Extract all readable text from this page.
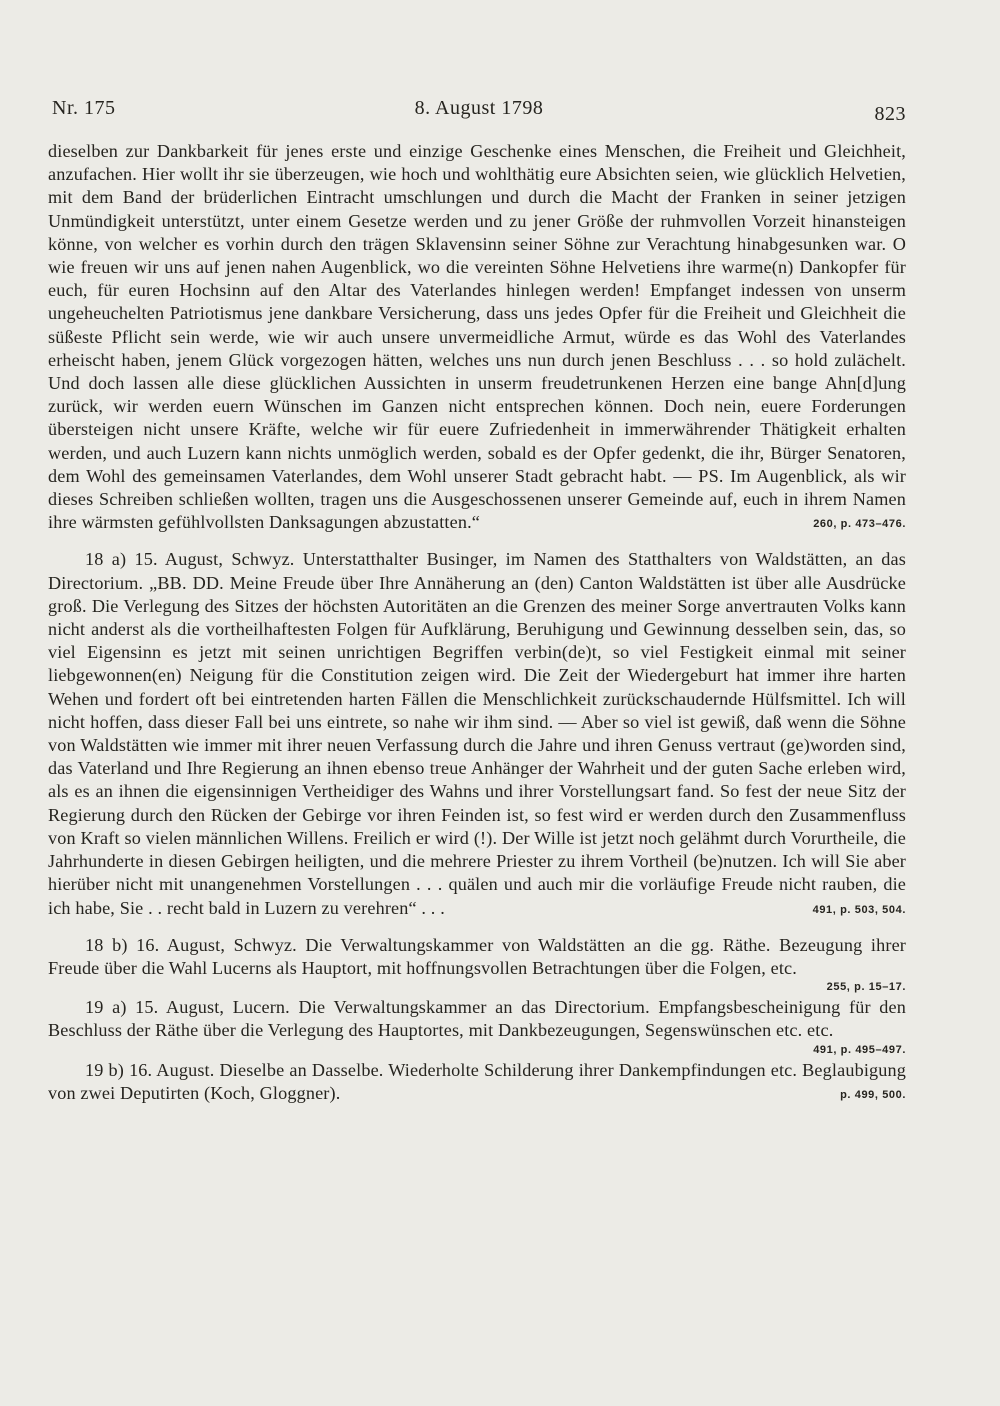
Nr. 175	8. August 1798	823

dieselben zur Dankbarkeit für jenes erste und einzige Geschenke eines Menschen, die Freiheit und Gleichheit, anzufachen. Hier wollt ihr sie überzeugen, wie hoch und wohlthätig eure Absichten seien, wie glücklich Helvetien, mit dem Band der brüderlichen Eintracht umschlungen und durch die Macht der Franken in seiner jetzigen Unmündigkeit unterstützt, unter einem Gesetze werden und zu jener Größe der ruhmvollen Vorzeit hinansteigen könne, von welcher es vorhin durch den trägen Sklavensinn seiner Söhne zur Verachtung hinabgesunken war. O wie freuen wir uns auf jenen nahen Augenblick, wo die vereinten Söhne Helvetiens ihre warme(n) Dankopfer für euch, für euren Hochsinn auf den Altar des Vaterlandes hinlegen werden! Empfanget indessen von unserm ungeheuchelten Patriotismus jene dankbare Versicherung, dass uns jedes Opfer für die Freiheit und Gleichheit die süßeste Pflicht sein werde, wie wir auch unsere unvermeidliche Armut, würde es das Wohl des Vaterlandes erheischt haben, jenem Glück vorgezogen hätten, welches uns nun durch jenen Beschluss . . . so hold zulächelt. Und doch lassen alle diese glücklichen Aussichten in unserm freudetrunkenen Herzen eine bange Ahn[d]ung zurück, wir werden euern Wünschen im Ganzen nicht entsprechen können. Doch nein, euere Forderungen übersteigen nicht unsere Kräfte, welche wir für euere Zufriedenheit in immerwährender Thätigkeit erhalten werden, und auch Luzern kann nichts unmöglich werden, sobald es der Opfer gedenkt, die ihr, Bürger Senatoren, dem Wohl des gemeinsamen Vaterlandes, dem Wohl unserer Stadt gebracht habt. — PS. Im Augenblick, als wir dieses Schreiben schließen wollten, tragen uns die Ausgeschossenen unserer Gemeinde auf, euch in ihrem Namen ihre wärmsten gefühlvollsten Danksagungen abzustatten.“	260, p. 473–476.

18 a) 15. August, Schwyz. Unterstatthalter Businger, im Namen des Statthalters von Waldstätten, an das Directorium. „BB. DD. Meine Freude über Ihre Annäherung an (den) Canton Waldstätten ist über alle Ausdrücke groß. Die Verlegung des Sitzes der höchsten Autoritäten an die Grenzen des meiner Sorge anvertrauten Volks kann nicht anderst als die vortheilhaftesten Folgen für Aufklärung, Beruhigung und Gewinnung desselben sein, das, so viel Eigensinn es jetzt mit seinen unrichtigen Begriffen verbin(de)t, so viel Festigkeit einmal mit seiner liebgewonnen(en) Neigung für die Constitution zeigen wird. Die Zeit der Wiedergeburt hat immer ihre harten Wehen und fordert oft bei eintretenden harten Fällen die Menschlichkeit zurückschaudernde Hülfsmittel. Ich will nicht hoffen, dass dieser Fall bei uns eintrete, so nahe wir ihm sind. — Aber so viel ist gewiß, daß wenn die Söhne von Waldstätten wie immer mit ihrer neuen Verfassung durch die Jahre und ihren Genuss vertraut (ge)worden sind, das Vaterland und Ihre Regierung an ihnen ebenso treue Anhänger der Wahrheit und der guten Sache erleben wird, als es an ihnen die eigensinnigen Vertheidiger des Wahns und ihrer Vorstellungsart fand. So fest der neue Sitz der Regierung durch den Rücken der Gebirge vor ihren Feinden ist, so fest wird er werden durch den Zusammenfluss von Kraft so vielen männlichen Willens. Freilich er wird (!). Der Wille ist jetzt noch gelähmt durch Vorurtheile, die Jahrhunderte in diesen Gebirgen heiligten, und die mehrere Priester zu ihrem Vortheil (be)nutzen. Ich will Sie aber hierüber nicht mit unangenehmen Vorstellungen . . . quälen und auch mir die vorläufige Freude nicht rauben, die ich habe, Sie . . recht bald in Luzern zu verehren“ . . .	491, p. 503, 504.

18 b) 16. August, Schwyz. Die Verwaltungskammer von Waldstätten an die gg. Räthe. Bezeugung ihrer Freude über die Wahl Lucerns als Hauptort, mit hoffnungsvollen Betrachtungen über die Folgen, etc.

255, p. 15–17.

19 a) 15. August, Lucern. Die Verwaltungskammer an das Directorium. Empfangsbescheinigung für den Beschluss der Räthe über die Verlegung des Hauptortes, mit Dankbezeugungen, Segenswünschen etc. etc.

491, p. 495–497.

19 b) 16. August. Dieselbe an Dasselbe. Wiederholte Schilderung ihrer Dankempfindungen etc. Beglaubigung von zwei Deputirten (Koch, Gloggner).	p. 499, 500.
